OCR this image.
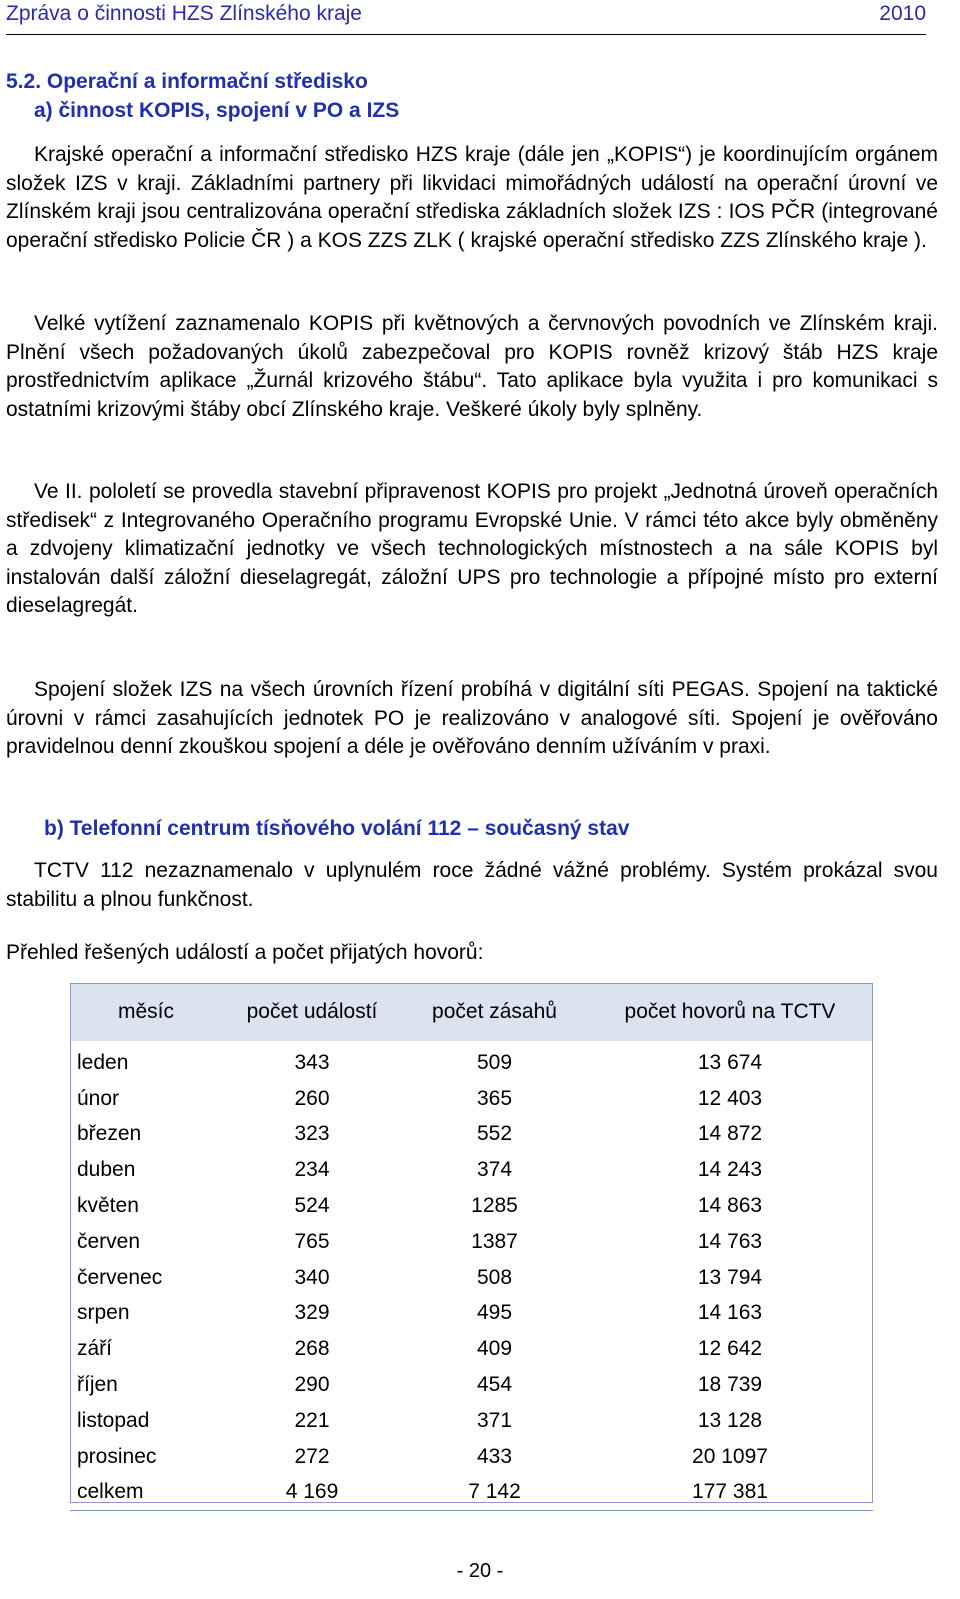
Zpráva o činnosti HZS Zlínského kraje	2010
5.2. Operační a informační středisko
a) činnost KOPIS, spojení v PO a IZS

Krajské operační a informační středisko HZS kraje (dále jen „KOPIS“) je koordinujícím orgánem složek IZS v kraji. Základními partnery při likvidaci mimořádných událostí na operační úrovní ve Zlínském kraji jsou centralizována operační střediska základních složek IZS : IOS PČR (integrované operační středisko Policie ČR ) a KOS ZZS ZLK ( krajské operační středisko ZZS Zlínského kraje ).

Velké vytížení zaznamenalo KOPIS při květnových a červnových povodních ve Zlínském kraji. Plnění všech požadovaných úkolů zabezpečoval pro KOPIS rovněž krizový štáb HZS kraje prostřednictvím aplikace „Žurnál krizového štábu“. Tato aplikace byla využita i pro komunikaci s ostatními krizovými štáby obcí Zlínského kraje. Veškeré úkoly byly splněny.

Ve II. pololetí se provedla stavební připravenost KOPIS pro projekt „Jednotná úroveň operačních středisek“ z Integrovaného Operačního programu Evropské Unie. V rámci této akce byly obměněny a zdvojeny klimatizační jednotky ve všech technologických místnostech a na sále KOPIS byl instalován další záložní dieselagregát, záložní UPS pro technologie a přípojné místo pro externí dieselagregát.

Spojení složek IZS na všech úrovních řízení probíhá v digitální síti PEGAS. Spojení na taktické úrovni v rámci zasahujících jednotek PO je realizováno v analogové síti. Spojení je ověřováno pravidelnou denní zkouškou spojení a déle je ověřováno denním užíváním v praxi.

b) Telefonní centrum tísňového volání 112 – současný stav

TCTV 112 nezaznamenalo v uplynulém roce žádné vážné problémy. Systém prokázal svou stabilitu a plnou funkčnost.

Přehled řešených událostí a počet přijatých hovorů:
měsíc	počet událostí	počet zásahů	počet hovorů na TCTV

leden	343	509	13 674
únor	260	365	12 403
březen	323	552	14 872
duben	234	374	14 243
květen	524	1285	14 863
červen	765	1387	14 763
červenec	340	508	13 794
srpen	329	495	14 163
září	268	409	12 642
říjen	290	454	18 739
listopad	221	371	13 128
prosinec	272	433	20 1097
celkem	4 169	7 142	177 381
- 20 -
